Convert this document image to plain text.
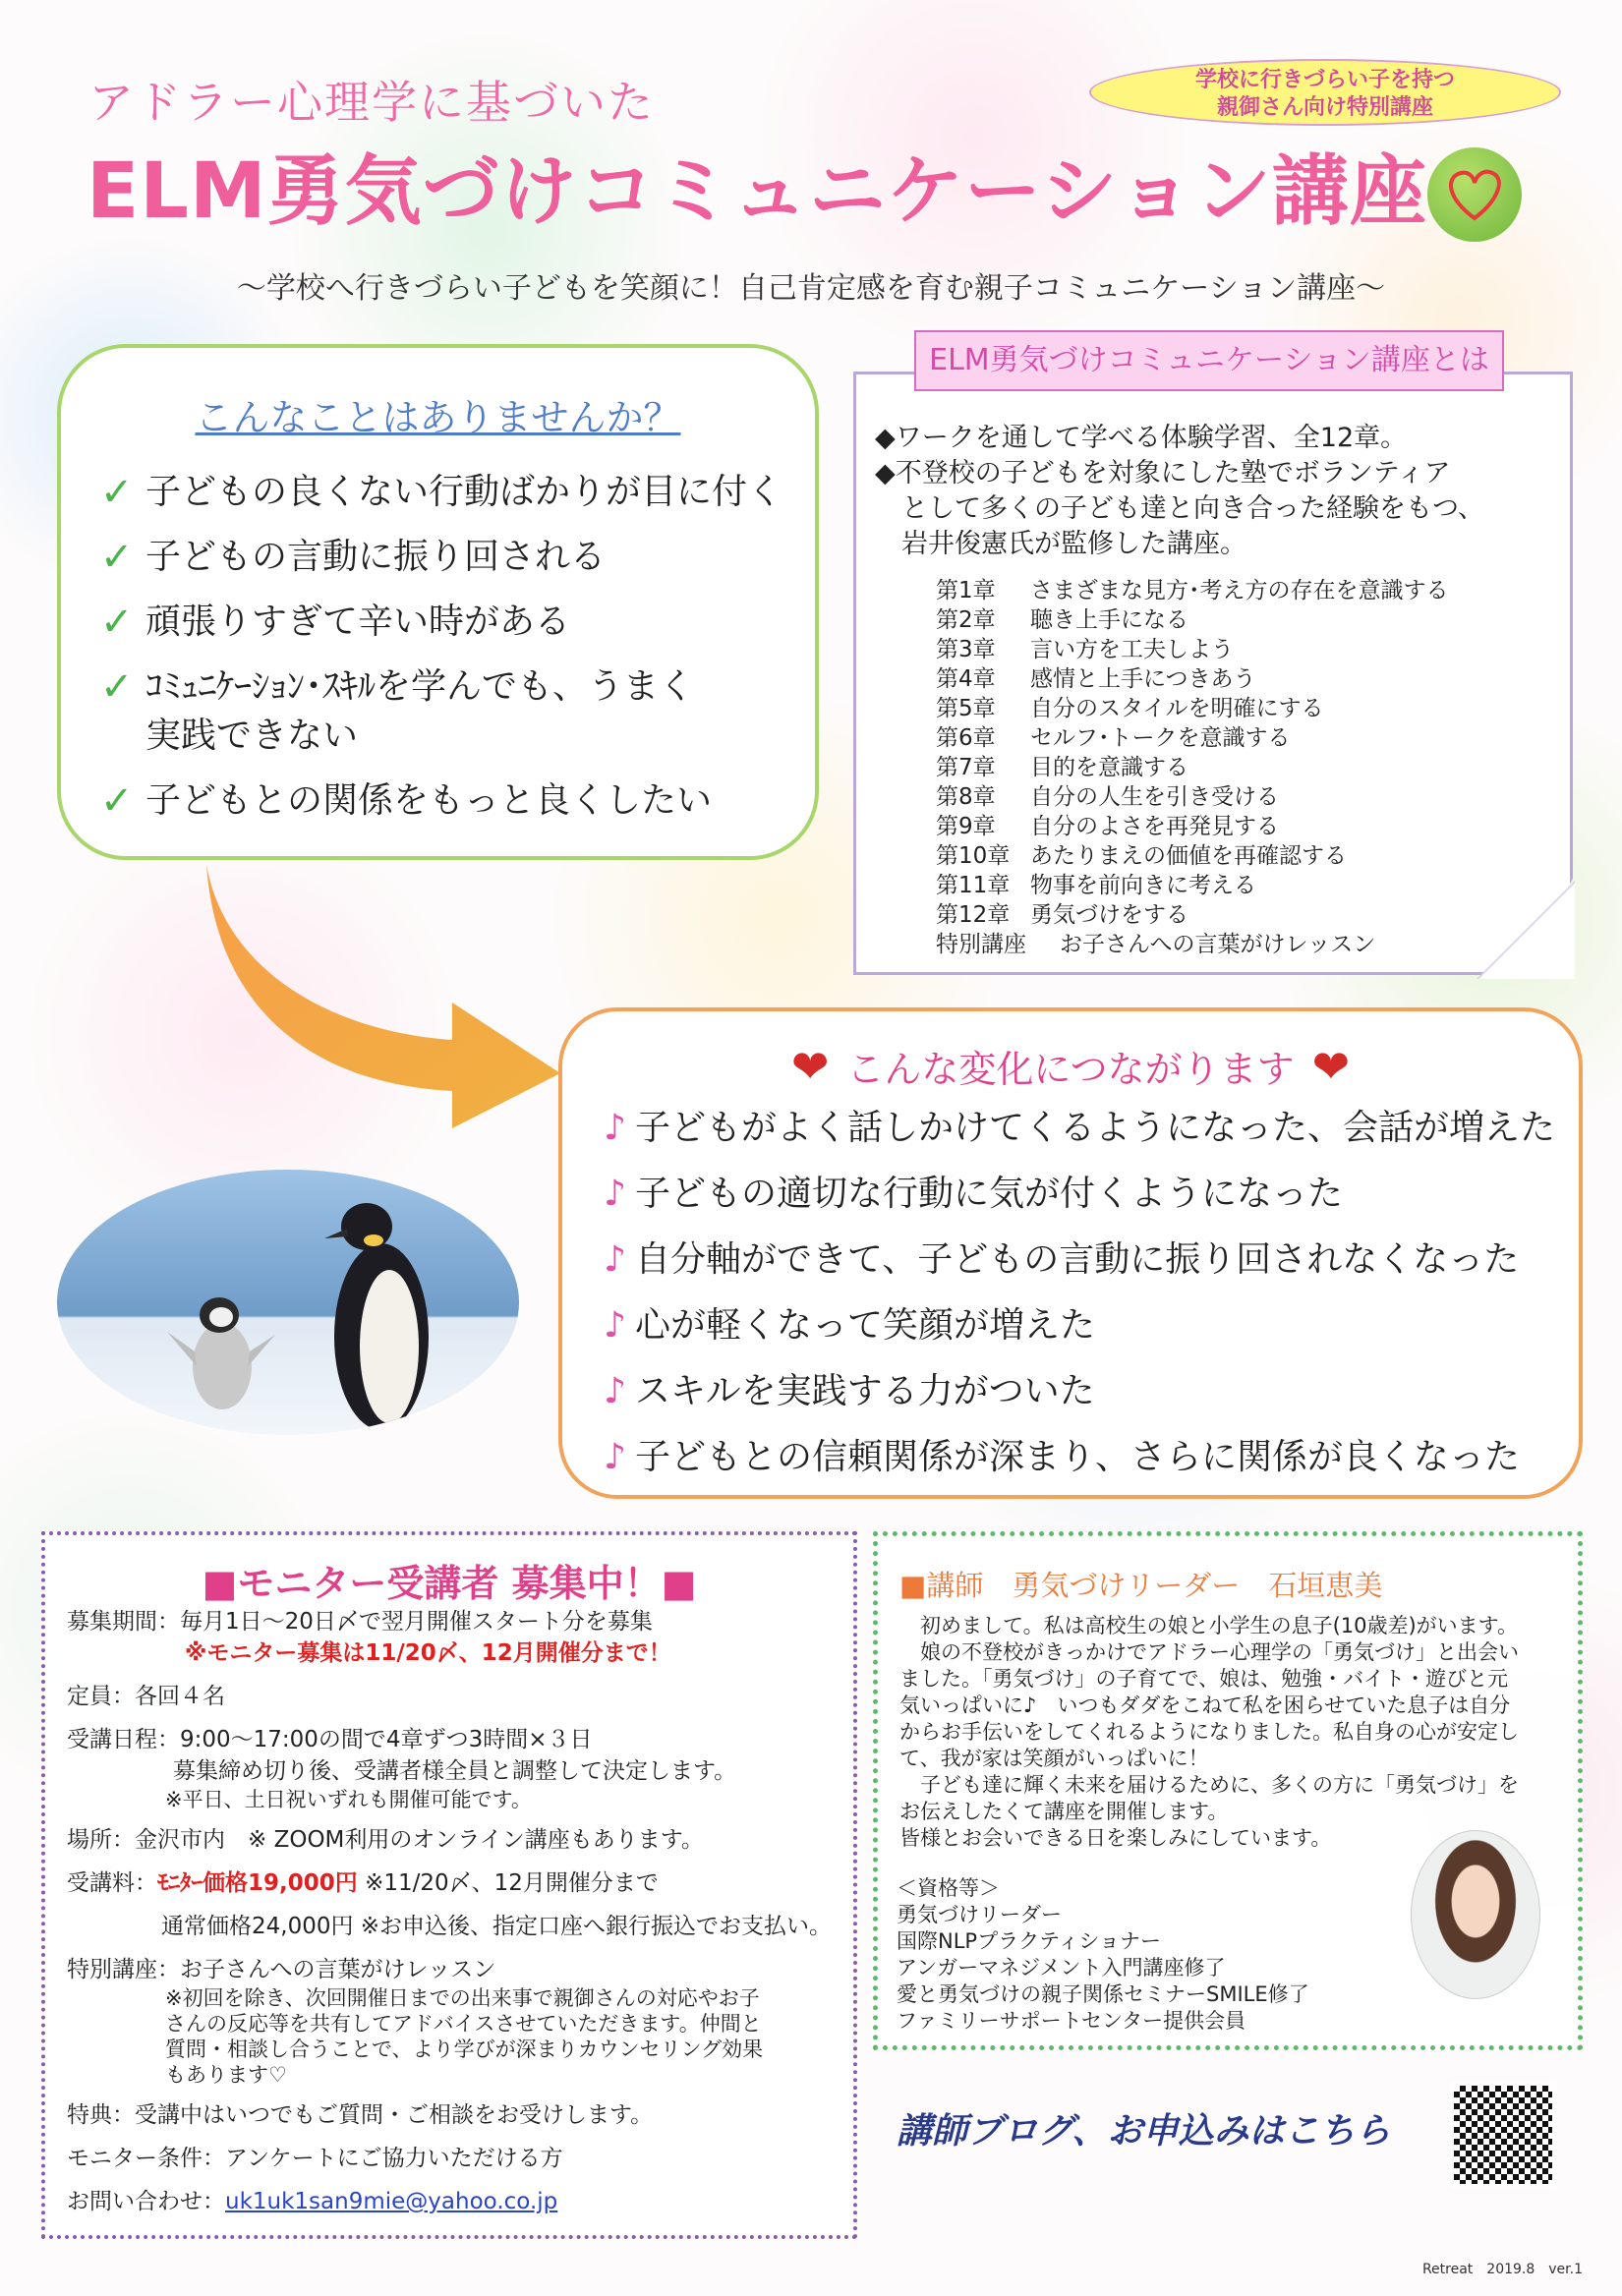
アドラー心理学に基づいた
ELM勇気づけコミュニケーション講座
学校に行きづらい子を持つ
親御さん向け特別講座
～学校へ行きづらい子どもを笑顔に！自己肯定感を育む親子コミュニケーション講座～
こんなことはありませんか？
✓ 子どもの良くない行動ばかりが目に付く
✓ 子どもの言動に振り回される
✓ 頑張りすぎて辛い時がある
✓ ｺﾐｭﾆｹｰｼｮﾝ･ｽｷﾙを学んでも、うまく
実践できない
✓ 子どもとの関係をもっと良くしたい
ELM勇気づけコミュニケーション講座とは

◆ワークを通して学べる体験学習、全12章。

◆不登校の子どもを対象にした塾でボランティア
　として多くの子ども達と向き合った経験をもつ、
　岩井俊憲氏が監修した講座。

第1章	さまざまな見方･考え方の存在を意識する
第2章	聴き上手になる
第3章	言い方を工夫しよう
第4章	感情と上手につきあう
第5章	自分のスタイルを明確にする
第6章	セルフ･トークを意識する
第7章	目的を意識する
第8章	自分の人生を引き受ける
第9章	自分のよさを再発見する
第10章 あたりまえの価値を再確認する
第11章 物事を前向きに考える
第12章 勇気づけをする
特別講座	お子さんへの言葉がけレッスン
❤ こんな変化につながります ❤
♪ 子どもがよく話しかけてくるようになった、会話が増えた
♪ 子どもの適切な行動に気が付くようになった
♪ 自分軸ができて、子どもの言動に振り回されなくなった
♪ 心が軽くなって笑顔が増えた
♪ スキルを実践する力がついた
♪ 子どもとの信頼関係が深まり、さらに関係が良くなった
■モニター受講者 募集中！■

募集期間：毎月1日～20日〆で翌月開催スタート分を募集

※モニター募集は11/20〆、12月開催分まで！

定員：各回４名

受講日程：9:00～17:00の間で4章ずつ3時間×３日

募集締め切り後、受講者様全員と調整して決定します。

※平日、土日祝いずれも開催可能です。

場所：金沢市内　※ ZOOM利用のオンライン講座もあります。

受講料：ﾓﾆﾀｰ価格19,000円 ※11/20〆、12月開催分まで

通常価格24,000円 ※お申込後、指定口座へ銀行振込でお支払い。

特別講座：お子さんへの言葉がけレッスン

※初回を除き、次回開催日までの出来事で親御さんの対応やお子
さんの反応等を共有してアドバイスさせていただきます。仲間と
質問・相談し合うことで、より学びが深まりカウンセリング効果
もあります♡

特典：受講中はいつでもご質問・ご相談をお受けします。

モニター条件：アンケートにご協力いただける方

お問い合わせ：uk1uk1san9mie@yahoo.co.jp

■講師　勇気づけリーダー　石垣恵美
　初めまして。私は高校生の娘と小学生の息子(10歳差)がいます。
　娘の不登校がきっかけでアドラー心理学の「勇気づけ」と出会い
ました。「勇気づけ」の子育てで、娘は、勉強・バイト・遊びと元
気いっぱいに♪　いつもダダをこねて私を困らせていた息子は自分
からお手伝いをしてくれるようになりました。私自身の心が安定し
て、我が家は笑顔がいっぱいに！
　子ども達に輝く未来を届けるために、多くの方に「勇気づけ」を
お伝えしたくて講座を開催します。
皆様とお会いできる日を楽しみにしています。
＜資格等＞
勇気づけリーダー
国際NLPプラクティショナー
アンガーマネジメント入門講座修了
愛と勇気づけの親子関係セミナーSMILE修了
ファミリーサポートセンター提供会員
講師ブログ、お申込みはこちら
Retreat　2019.8　ver.1
